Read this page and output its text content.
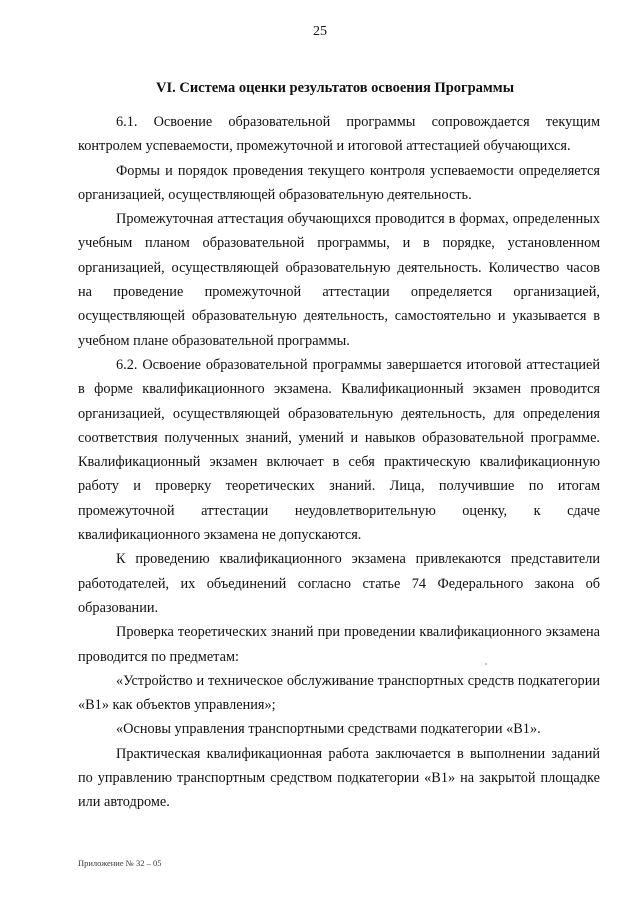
25
VI. Система оценки результатов освоения Программы

6.1. Освоение образовательной программы сопровождается текущим контролем успеваемости, промежуточной и итоговой аттестацией обучающихся.

Формы и порядок проведения текущего контроля успеваемости определяется организацией, осуществляющей образовательную деятельность.

Промежуточная аттестация обучающихся проводится в формах, определенных учебным планом образовательной программы, и в порядке, установленном организацией, осуществляющей образовательную деятельность. Количество часов на проведение промежуточной аттестации определяется организацией, осуществляющей образовательную деятельность, самостоятельно и указывается в учебном плане образовательной программы.

6.2. Освоение образовательной программы завершается итоговой аттестацией в форме квалификационного экзамена. Квалификационный экзамен проводится организацией, осуществляющей образовательную деятельность, для определения соответствия полученных знаний, умений и навыков образовательной программе. Квалификационный экзамен включает в себя практическую квалификационную работу и проверку теоретических знаний. Лица, получившие по итогам промежуточной аттестации неудовлетворительную оценку, к сдаче квалификационного экзамена не допускаются.

К проведению квалификационного экзамена привлекаются представители работодателей, их объединений согласно статье 74 Федерального закона об образовании.

Проверка теоретических знаний при проведении квалификационного экзамена проводится по предметам:

«Устройство и техническое обслуживание транспортных средств подкатегории «В1» как объектов управления»;

«Основы управления транспортными средствами подкатегории «В1».

Практическая квалификационная работа заключается в выполнении заданий по управлению транспортным средством подкатегории «В1» на закрытой площадке или автодроме.

Приложение № 32 – 05
